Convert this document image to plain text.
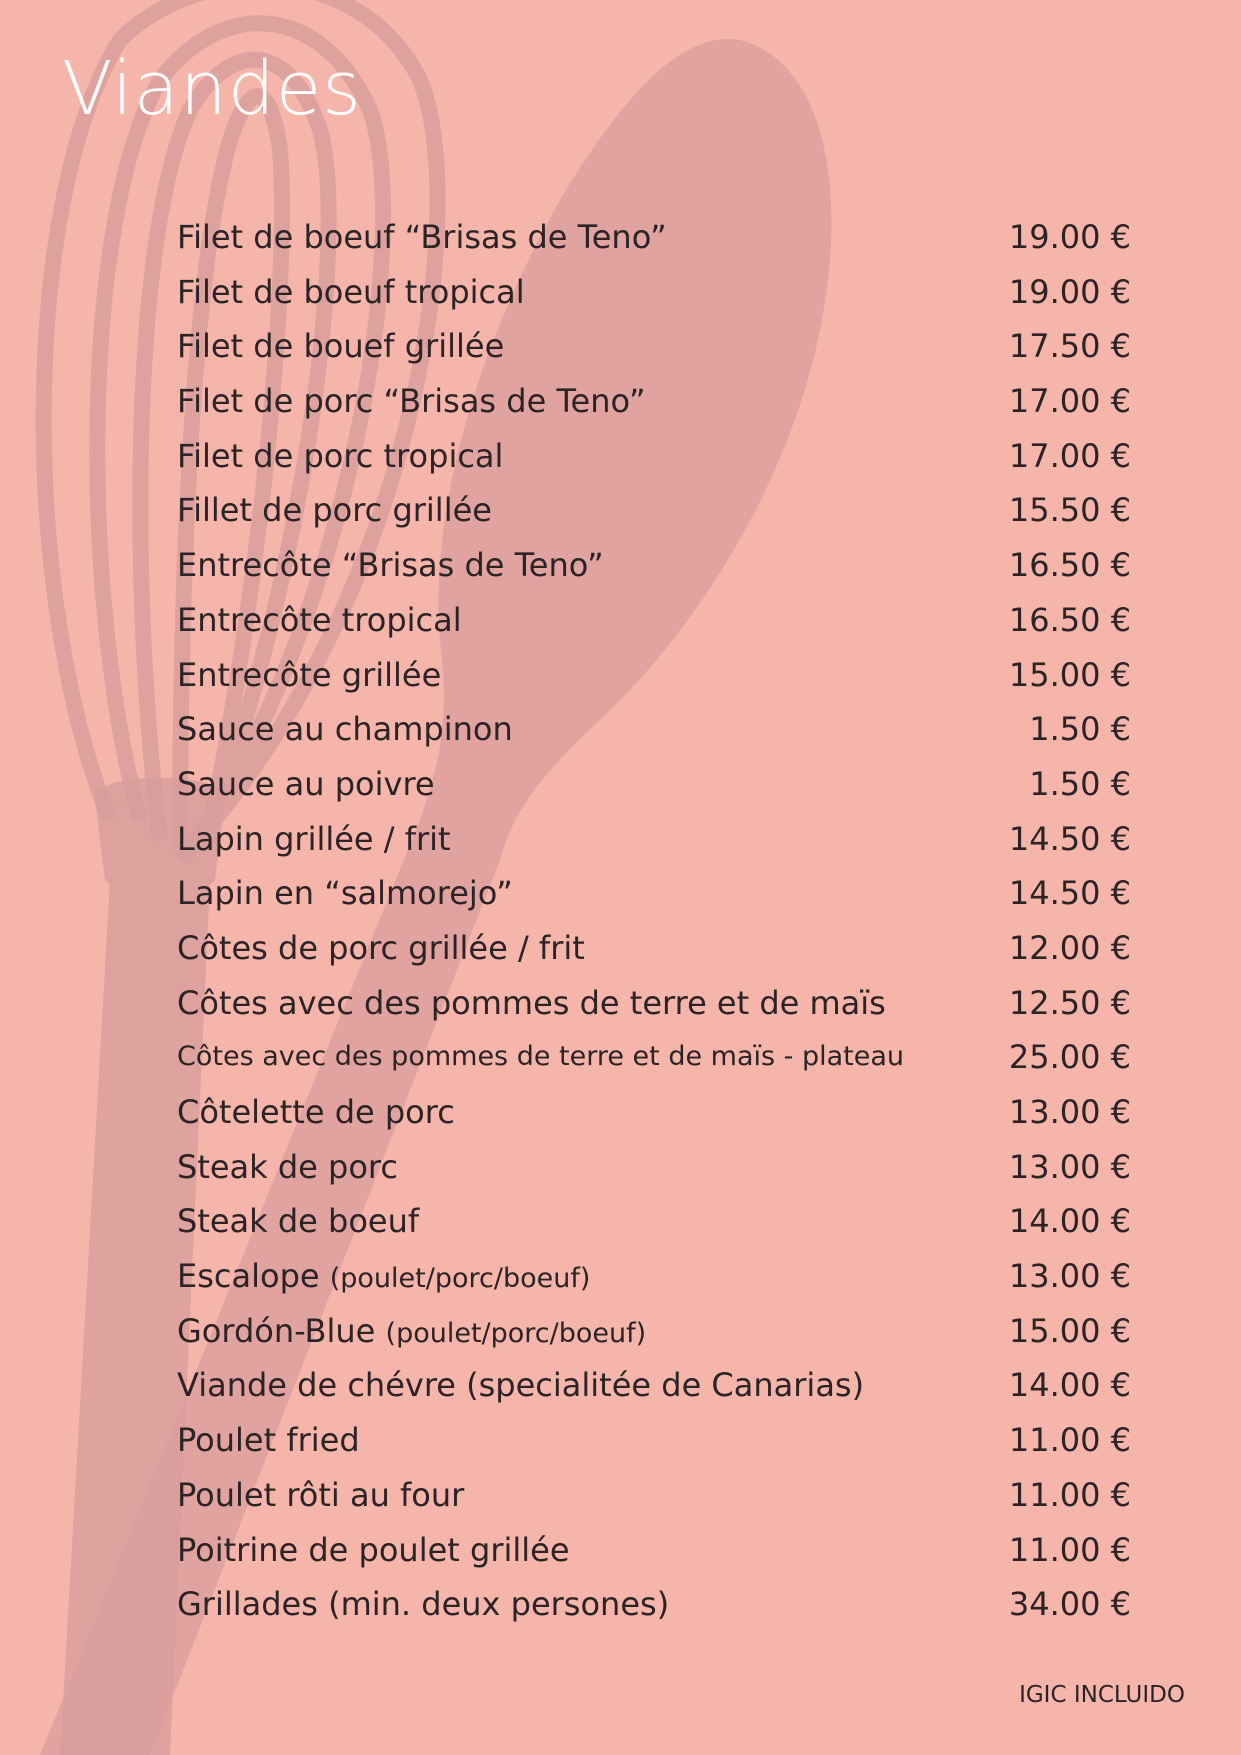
Viandes
Filet de boeuf “Brisas de Teno”	19.00 €
Filet de boeuf tropical	19.00 €
Filet de bouef grillée	17.50 €
Filet de porc “Brisas de Teno”	17.00 €
Filet de porc tropical	17.00 €
Fillet de porc grillée	15.50 €
Entrecôte “Brisas de Teno”	16.50 €
Entrecôte tropical	16.50 €
Entrecôte grillée	15.00 €
Sauce au champinon	1.50 €
Sauce au poivre	1.50 €
Lapin grillée / frit	14.50 €
Lapin en “salmorejo”	14.50 €
Côtes de porc grillée / frit	12.00 €
Côtes avec des pommes de terre et de maïs	12.50 €
Côtes avec des pommes de terre et de maïs - plateau	25.00 €
Côtelette de porc	13.00 €
Steak de porc	13.00 €
Steak de boeuf	14.00 €
Escalope (poulet/porc/boeuf)	13.00 €
Gordón-Blue (poulet/porc/boeuf)	15.00 €
Viande de chévre (specialitée de Canarias)	14.00 €
Poulet fried	11.00 €
Poulet rôti au four	11.00 €
Poitrine de poulet grillée	11.00 €
Grillades (min. deux persones)	34.00 €
IGIC INCLUIDO
